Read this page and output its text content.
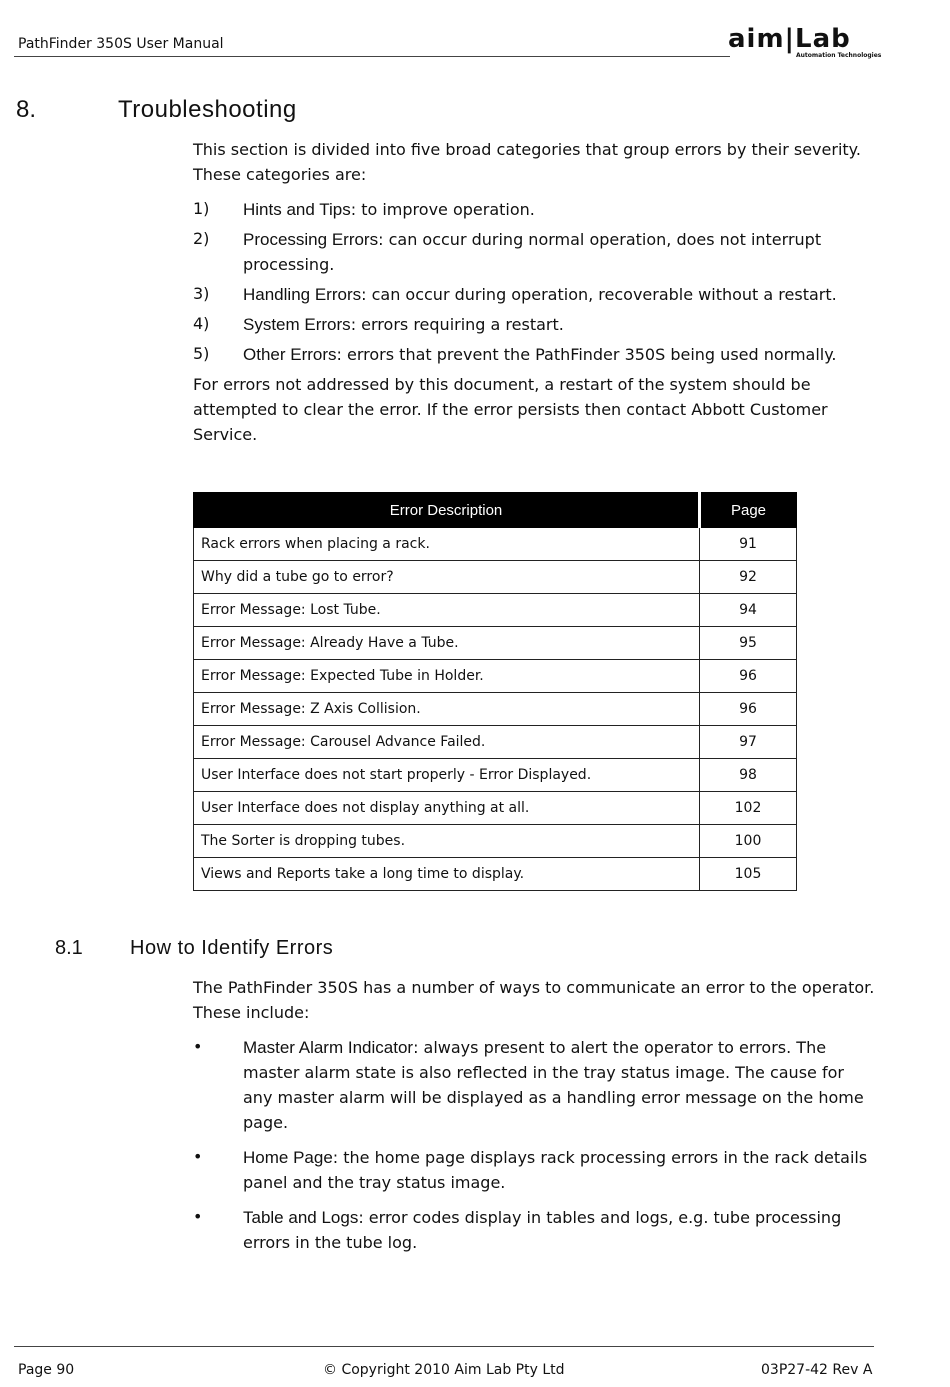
PathFinder 350S User Manual	aim|Lab
Automation Technologies
8.	Troubleshooting
This section is divided into five broad categories that group errors by their severity. These categories are:
1) Hints and Tips: to improve operation.
2) Processing Errors: can occur during normal operation, does not interrupt processing.
3) Handling Errors: can occur during operation, recoverable without a restart.
4) System Errors: errors requiring a restart.
5) Other Errors: errors that prevent the PathFinder 350S being used normally.
For errors not addressed by this document, a restart of the system should be attempted to clear the error. If the error persists then contact Abbott Customer Service.
Error Description	Page
Rack errors when placing a rack.	91
Why did a tube go to error?	92
Error Message: Lost Tube.	94
Error Message: Already Have a Tube.	95
Error Message: Expected Tube in Holder.	96
Error Message: Z Axis Collision.	96
Error Message: Carousel Advance Failed.	97
User Interface does not start properly - Error Displayed.	98
User Interface does not display anything at all.	102
The Sorter is dropping tubes.	100
Views and Reports take a long time to display.	105
8.1 How to Identify Errors
The PathFinder 350S has a number of ways to communicate an error to the operator. These include:
• Master Alarm Indicator: always present to alert the operator to errors. The master alarm state is also reflected in the tray status image. The cause for any master alarm will be displayed as a handling error message on the home page.
• Home Page: the home page displays rack processing errors in the rack details panel and the tray status image.
• Table and Logs: error codes display in tables and logs, e.g. tube processing errors in the tube log.
Page 90	© Copyright 2010 Aim Lab Pty Ltd	03P27-42 Rev A
